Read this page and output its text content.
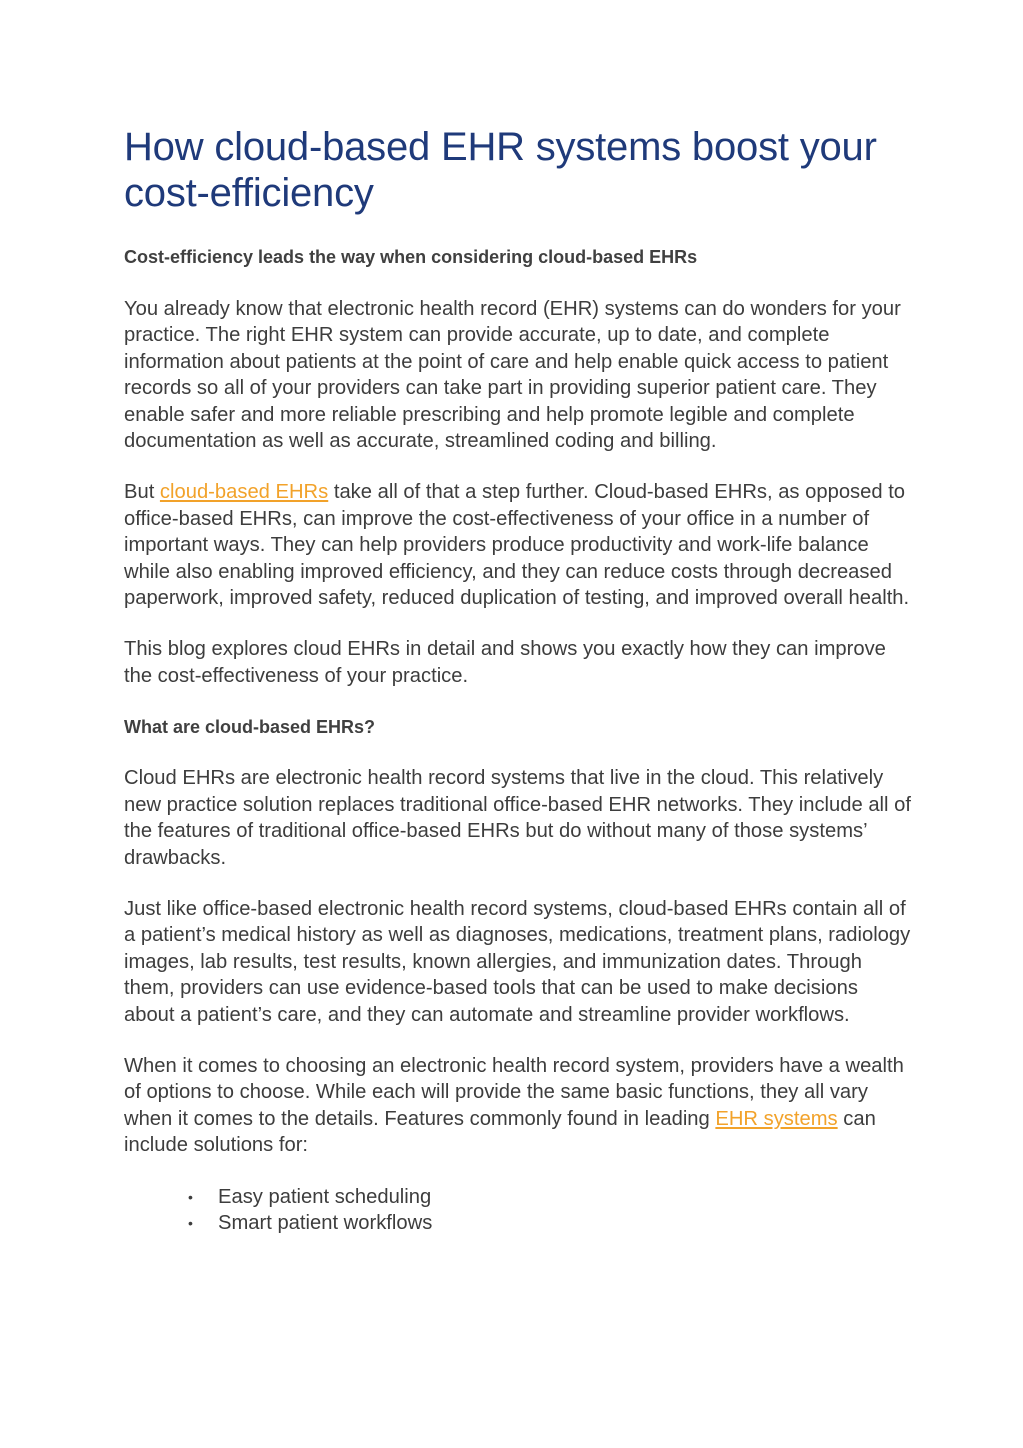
How cloud-based EHR systems boost your cost-efficiency
Cost-efficiency leads the way when considering cloud-based EHRs

You already know that electronic health record (EHR) systems can do wonders for your practice. The right EHR system can provide accurate, up to date, and complete information about patients at the point of care and help enable quick access to patient records so all of your providers can take part in providing superior patient care. They enable safer and more reliable prescribing and help promote legible and complete documentation as well as accurate, streamlined coding and billing.

But cloud-based EHRs take all of that a step further. Cloud-based EHRs, as opposed to office-based EHRs, can improve the cost-effectiveness of your office in a number of important ways. They can help providers produce productivity and work-life balance while also enabling improved efficiency, and they can reduce costs through decreased paperwork, improved safety, reduced duplication of testing, and improved overall health.

This blog explores cloud EHRs in detail and shows you exactly how they can improve the cost-effectiveness of your practice.

What are cloud-based EHRs?

Cloud EHRs are electronic health record systems that live in the cloud. This relatively new practice solution replaces traditional office-based EHR networks. They include all of the features of traditional office-based EHRs but do without many of those systems’ drawbacks.

Just like office-based electronic health record systems, cloud-based EHRs contain all of a patient’s medical history as well as diagnoses, medications, treatment plans, radiology images, lab results, test results, known allergies, and immunization dates. Through them, providers can use evidence-based tools that can be used to make decisions about a patient’s care, and they can automate and streamline provider workflows.

When it comes to choosing an electronic health record system, providers have a wealth of options to choose. While each will provide the same basic functions, they all vary when it comes to the details. Features commonly found in leading EHR systems can include solutions for:

• Easy patient scheduling
• Smart patient workflows
